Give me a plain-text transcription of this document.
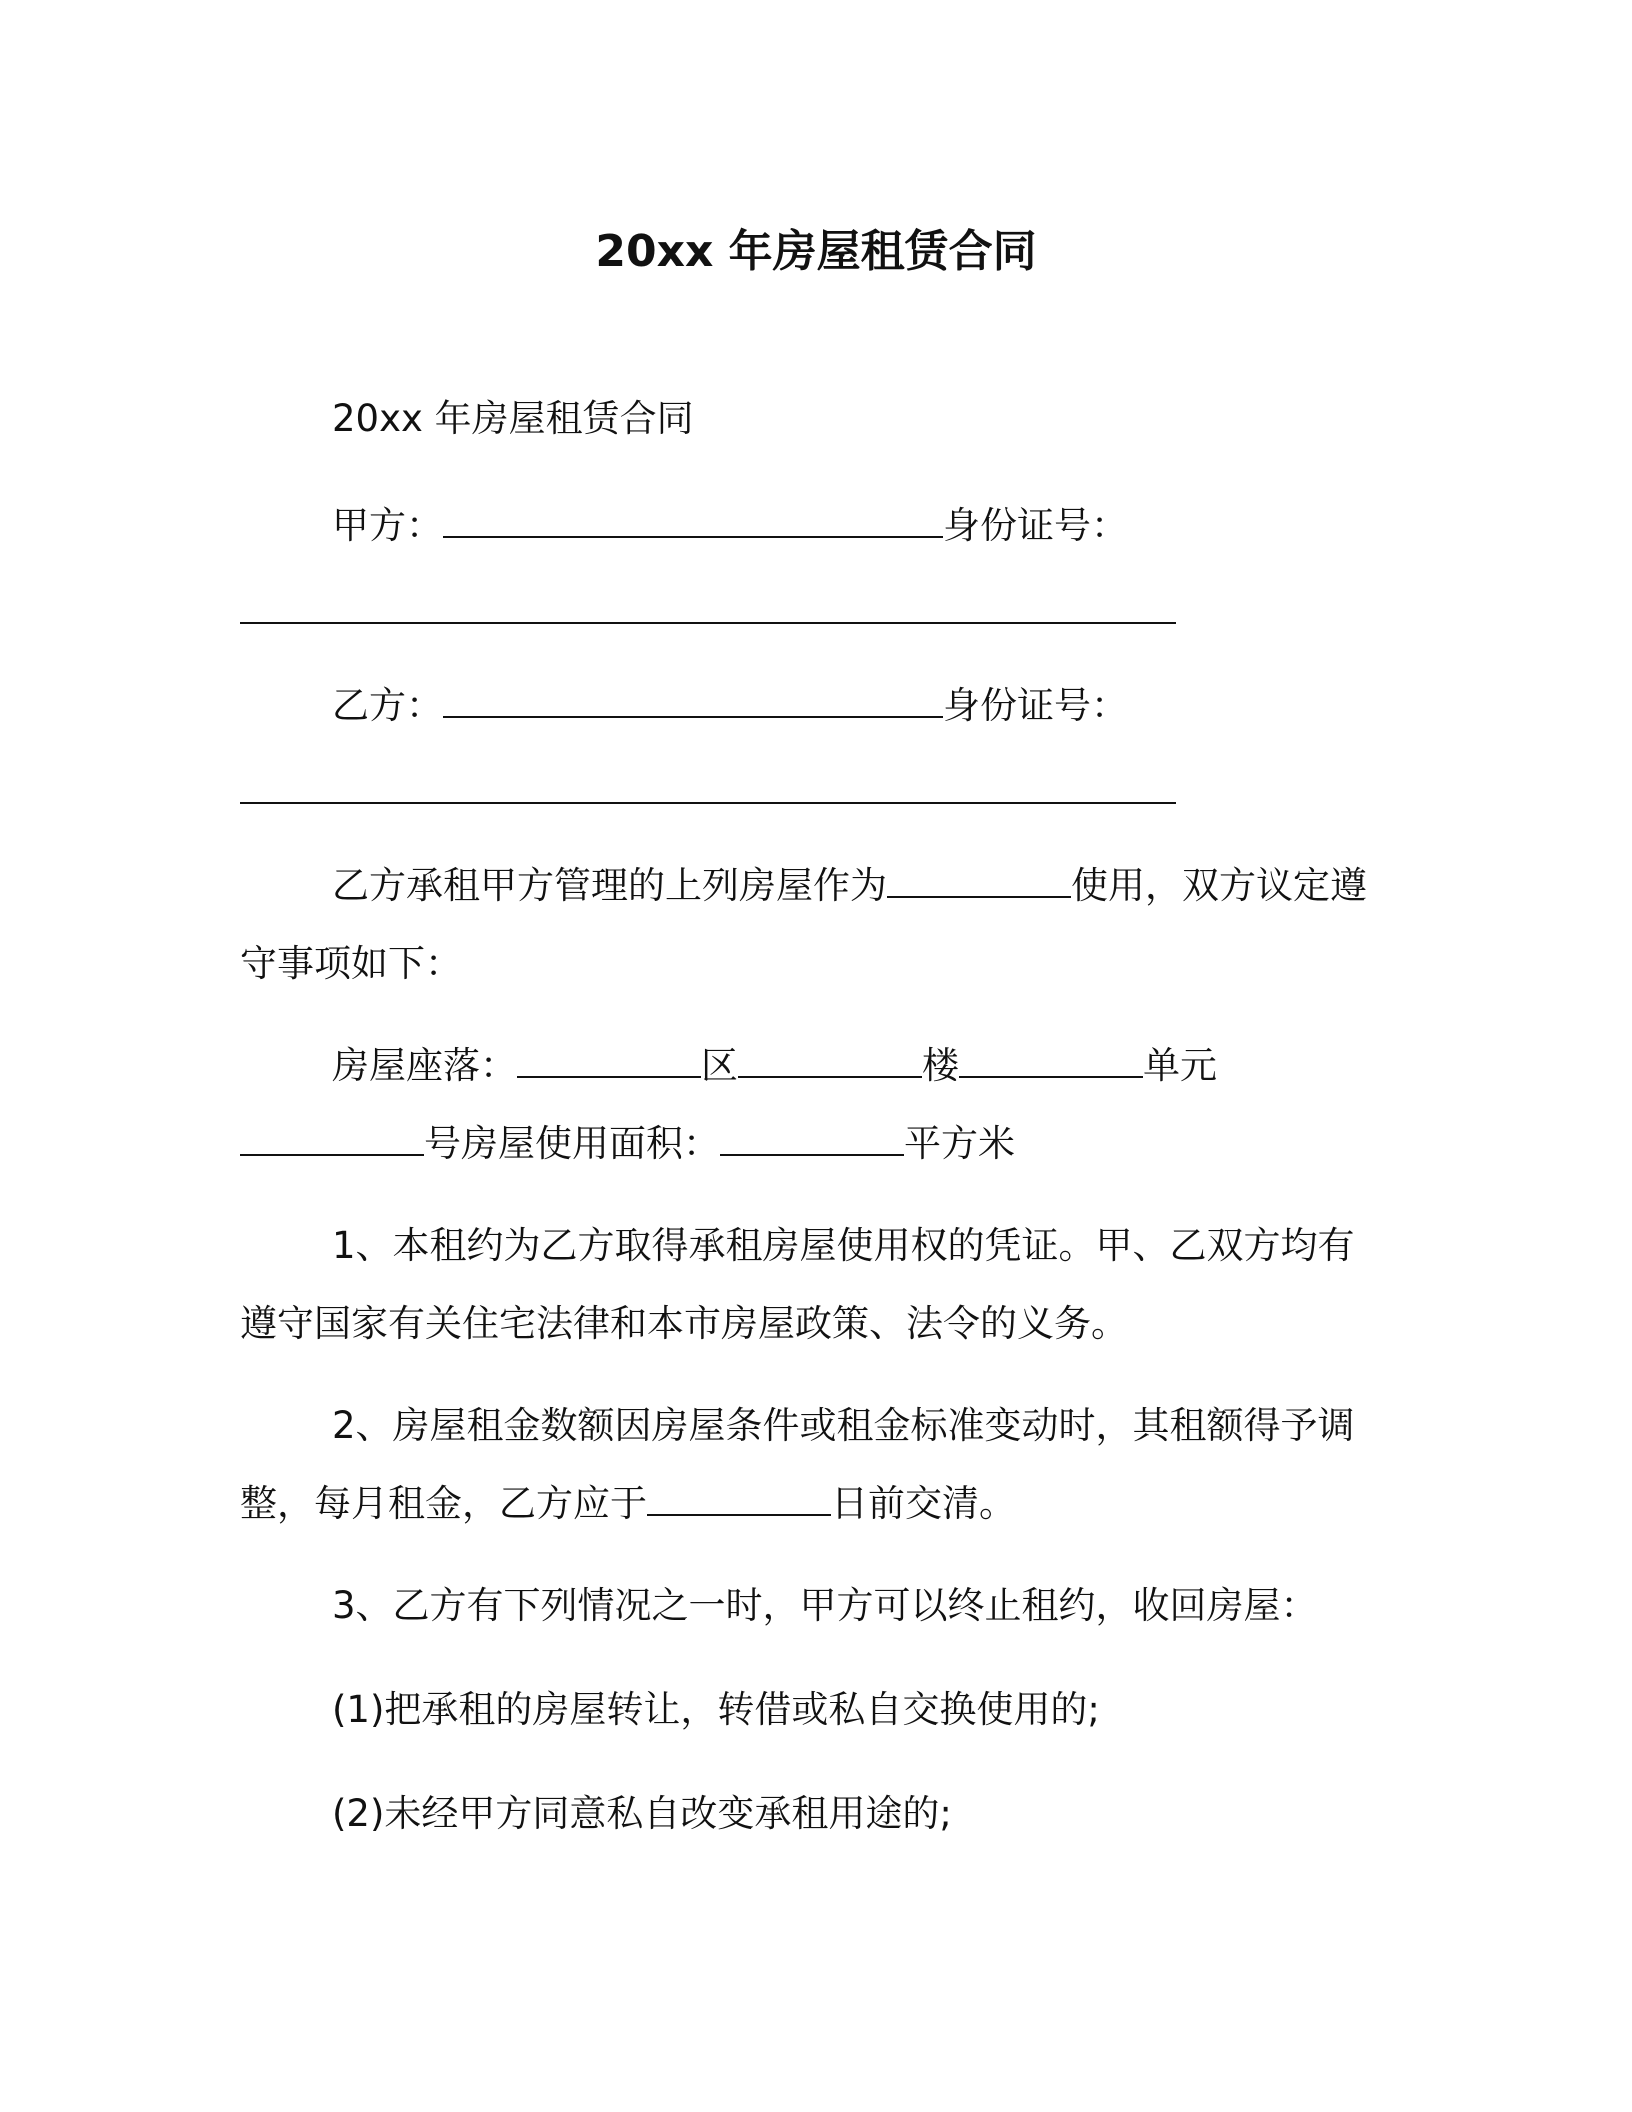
20xx 年房屋租赁合同
20xx 年房屋租赁合同
甲方：	身份证号：
乙方：	身份证号：
乙方承租甲方管理的上列房屋作为	使用，双方议定遵
守事项如下：
房屋座落：	区	楼	单元
号房屋使用面积：	平方米
1、本租约为乙方取得承租房屋使用权的凭证。甲、乙双方均有
遵守国家有关住宅法律和本市房屋政策、法令的义务。
2、房屋租金数额因房屋条件或租金标准变动时，其租额得予调
整，每月租金，乙方应于	日前交清。
3、乙方有下列情况之一时，甲方可以终止租约，收回房屋：
(1)把承租的房屋转让，转借或私自交换使用的;
(2)未经甲方同意私自改变承租用途的;
